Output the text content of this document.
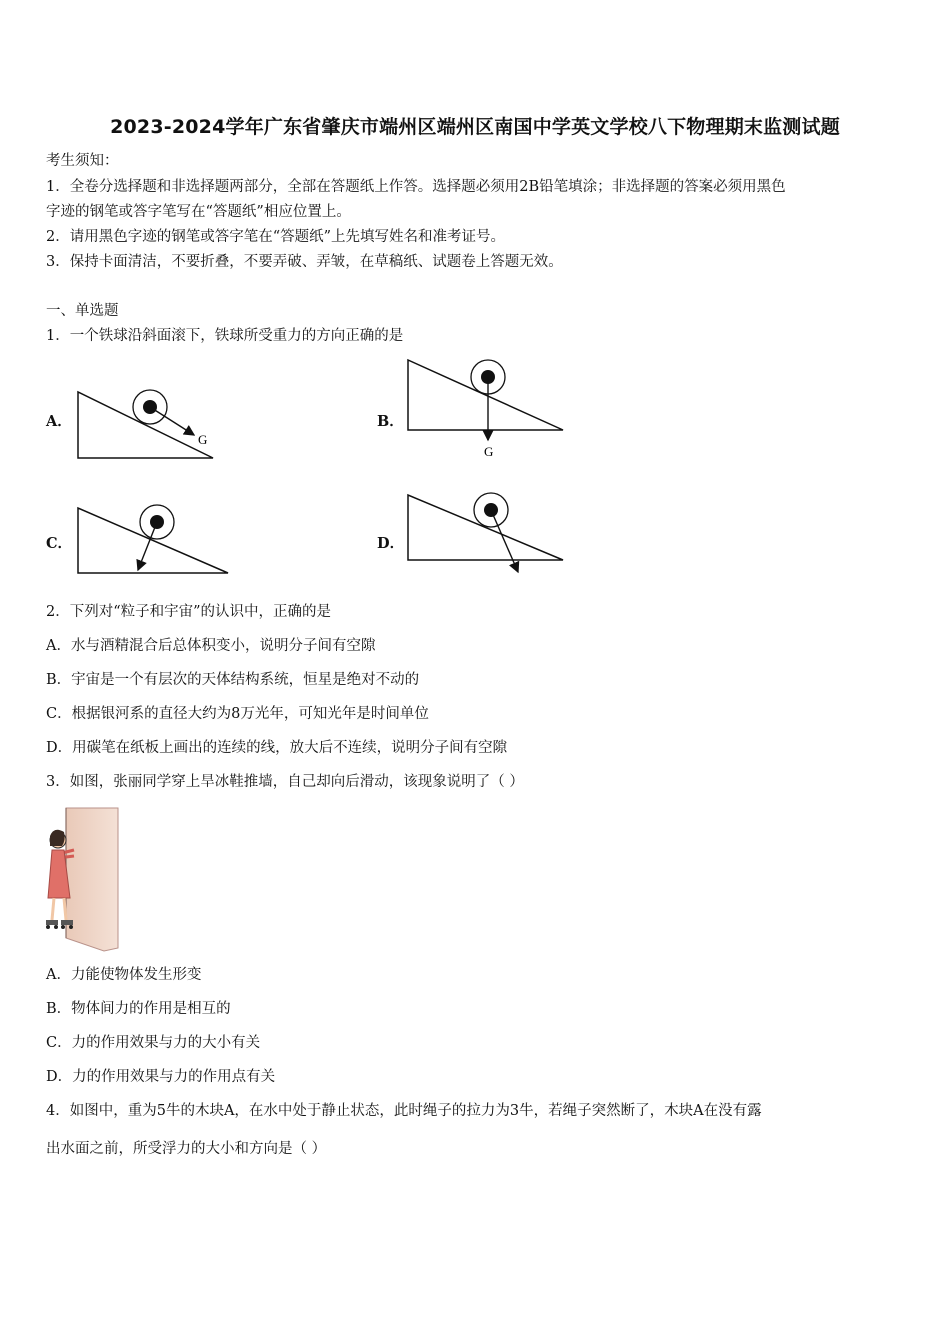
2023-2024学年广东省肇庆市端州区端州区南国中学英文学校八下物理期末监测试题
考生须知：
1．全卷分选择题和非选择题两部分，全部在答题纸上作答。选择题必须用2B铅笔填涂；非选择题的答案必须用黑色
字迹的钢笔或答字笔写在“答题纸”相应位置上。
2．请用黑色字迹的钢笔或答字笔在“答题纸”上先填写姓名和准考证号。
3．保持卡面清洁，不要折叠，不要弄破、弄皱，在草稿纸、试题卷上答题无效。
一、单选题
1．一个铁球沿斜面滚下，铁球所受重力的方向正确的是
A．	B．
C．	D．
G
G
2．下列对“粒子和宇宙”的认识中，正确的是
A．水与酒精混合后总体积变小，说明分子间有空隙
B．宇宙是一个有层次的天体结构系统，恒星是绝对不动的
C．根据银河系的直径大约为8万光年，可知光年是时间单位
D．用碳笔在纸板上画出的连续的线，放大后不连续，说明分子间有空隙
3．如图，张丽同学穿上旱冰鞋推墙，自己却向后滑动，该现象说明了（ ）
A．力能使物体发生形变
B．物体间力的作用是相互的
C．力的作用效果与力的大小有关
D．力的作用效果与力的作用点有关
4．如图中，重为5牛的木块A，在水中处于静止状态，此时绳子的拉力为3牛，若绳子突然断了，木块A在没有露
出水面之前，所受浮力的大小和方向是（ ）
